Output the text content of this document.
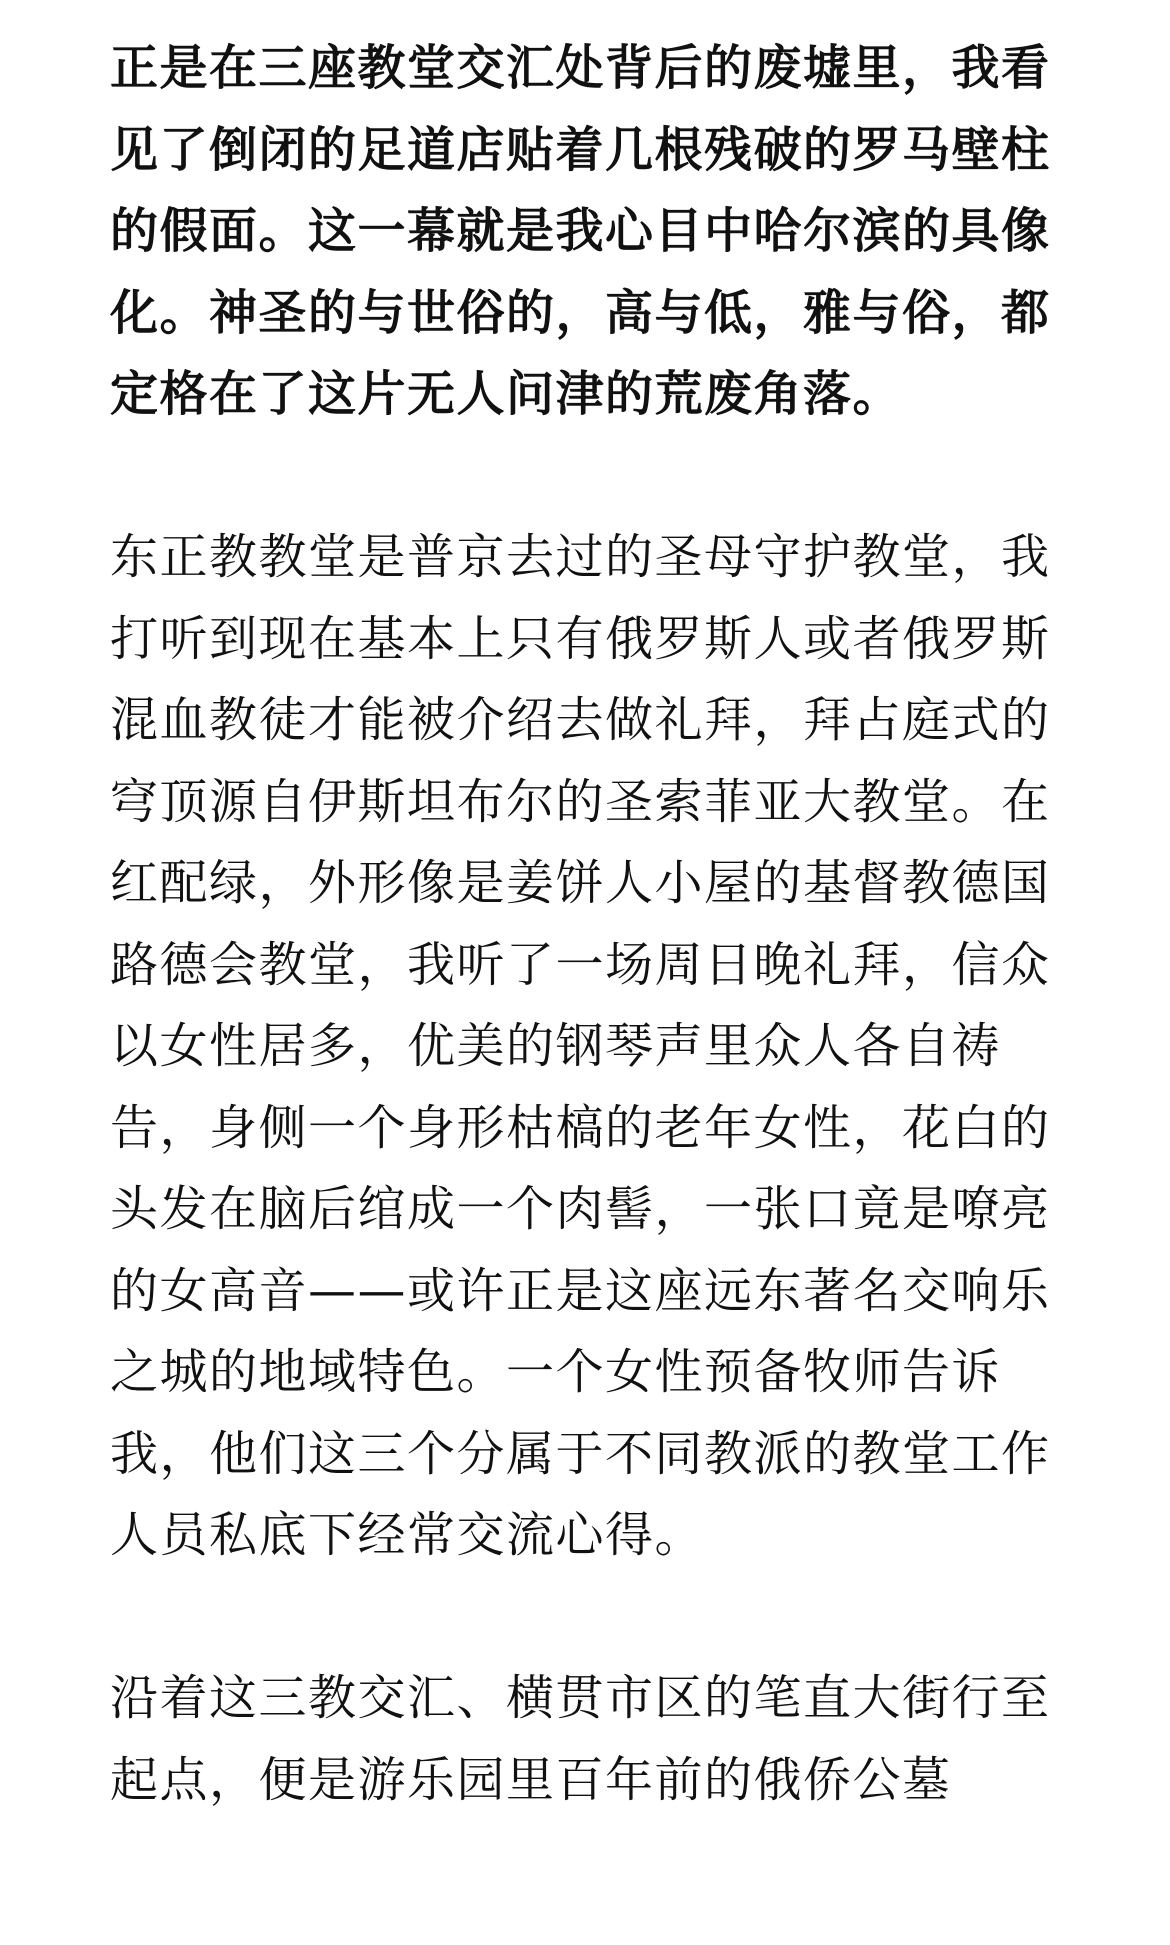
正是在三座教堂交汇处背后的废墟里，我看见了倒闭的足道店贴着几根残破的罗马壁柱的假面。这一幕就是我心目中哈尔滨的具像化。神圣的与世俗的，高与低，雅与俗，都定格在了这片无人问津的荒废角落。

东正教教堂是普京去过的圣母守护教堂，我打听到现在基本上只有俄罗斯人或者俄罗斯混血教徒才能被介绍去做礼拜，拜占庭式的穹顶源自伊斯坦布尔的圣索菲亚大教堂。在红配绿，外形像是姜饼人小屋的基督教德国路德会教堂，我听了一场周日晚礼拜，信众以女性居多，优美的钢琴声里众人各自祷告，身侧一个身形枯槁的老年女性，花白的头发在脑后绾成一个肉髻，一张口竟是嘹亮的女高音——或许正是这座远东著名交响乐之城的地域特色。一个女性预备牧师告诉我，他们这三个分属于不同教派的教堂工作人员私底下经常交流心得。

沿着这三教交汇、横贯市区的笔直大街行至起点，便是游乐园里百年前的俄侨公墓
